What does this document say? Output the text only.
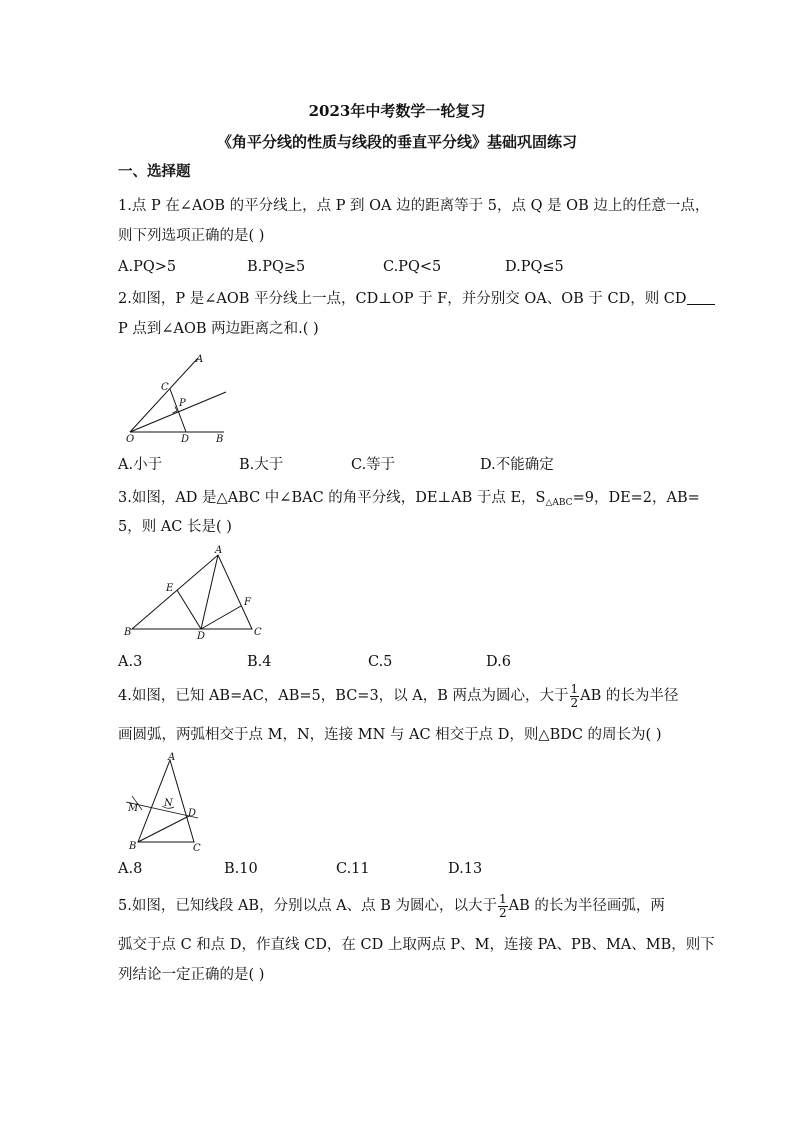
2023年中考数学一轮复习
《角平分线的性质与线段的垂直平分线》基础巩固练习
一、选择题
1.点 P 在∠AOB 的平分线上，点 P 到 OA 边的距离等于 5，点 Q 是 OB 边上的任意一点，
则下列选项正确的是( )
A.PQ>5	B.PQ≥5	C.PQ<5	D.PQ≤5
2.如图，P 是∠AOB 平分线上一点，CD⊥OP 于 F，并分别交 OA、OB 于 CD，则 CD
P 点到∠AOB 两边距离之和.( )
A
C
P
O	D	B
A.小于	B.大于	C.等于	D.不能确定
3.如图，AD 是△ABC 中∠BAC 的角平分线，DE⊥AB 于点 E，$S_{\triangle ABC}=9$，DE=2，AB=
5，则 AC 长是( )
A
E
F
B	D	C
A.3	B.4	C.5	D.6
4.如图，已知 AB=AC，AB=5，BC=3，以 A，B 两点为圆心，大于 $\frac{1}{2}$ AB 的长为半径
画圆弧，两弧相交于点 M，N，连接 MN 与 AC 相交于点 D，则△BDC 的周长为( )
A
M	N
D
B	C
A.8	B.10	C.11	D.13
5.如图，已知线段 AB，分别以点 A、点 B 为圆心，以大于 $\frac{1}{2}$ AB 的长为半径画弧，两
弧交于点 C 和点 D，作直线 CD，在 CD 上取两点 P、M，连接 PA、PB、MA、MB，则下
列结论一定正确的是( )
